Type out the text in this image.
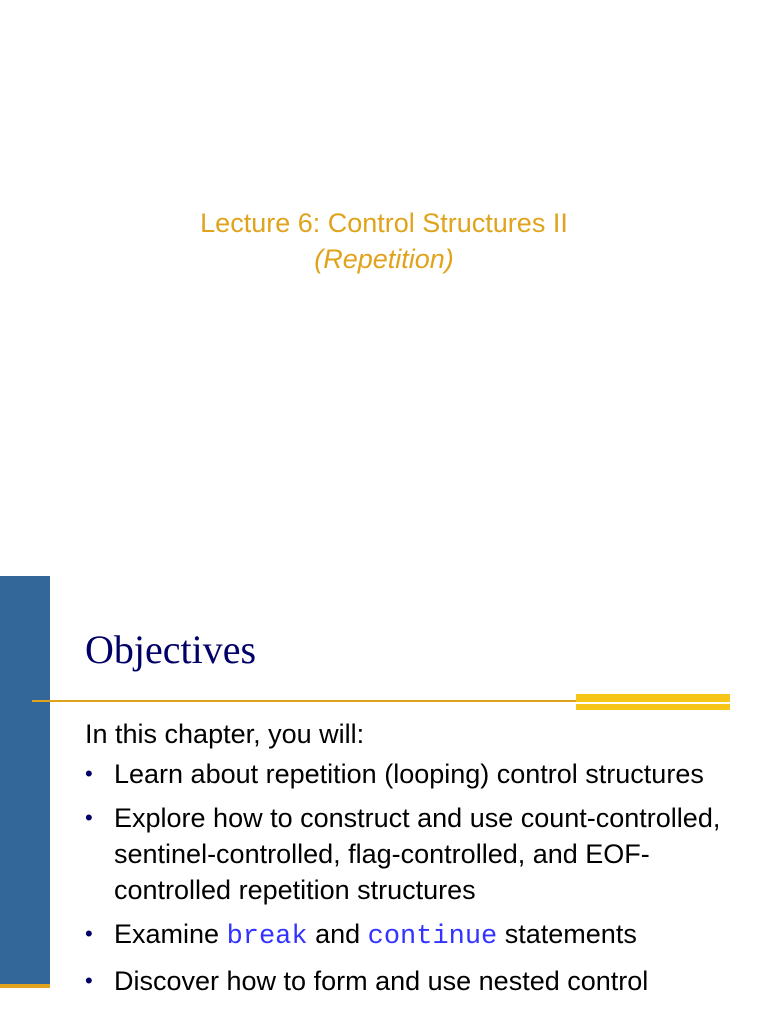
Lecture 6: Control Structures II
(Repetition)
Objectives
In this chapter, you will:
• Learn about repetition (looping) control structures
• Explore how to construct and use count-controlled, sentinel-controlled, flag-controlled, and EOF-controlled repetition structures
• Examine break and continue statements
• Discover how to form and use nested control
